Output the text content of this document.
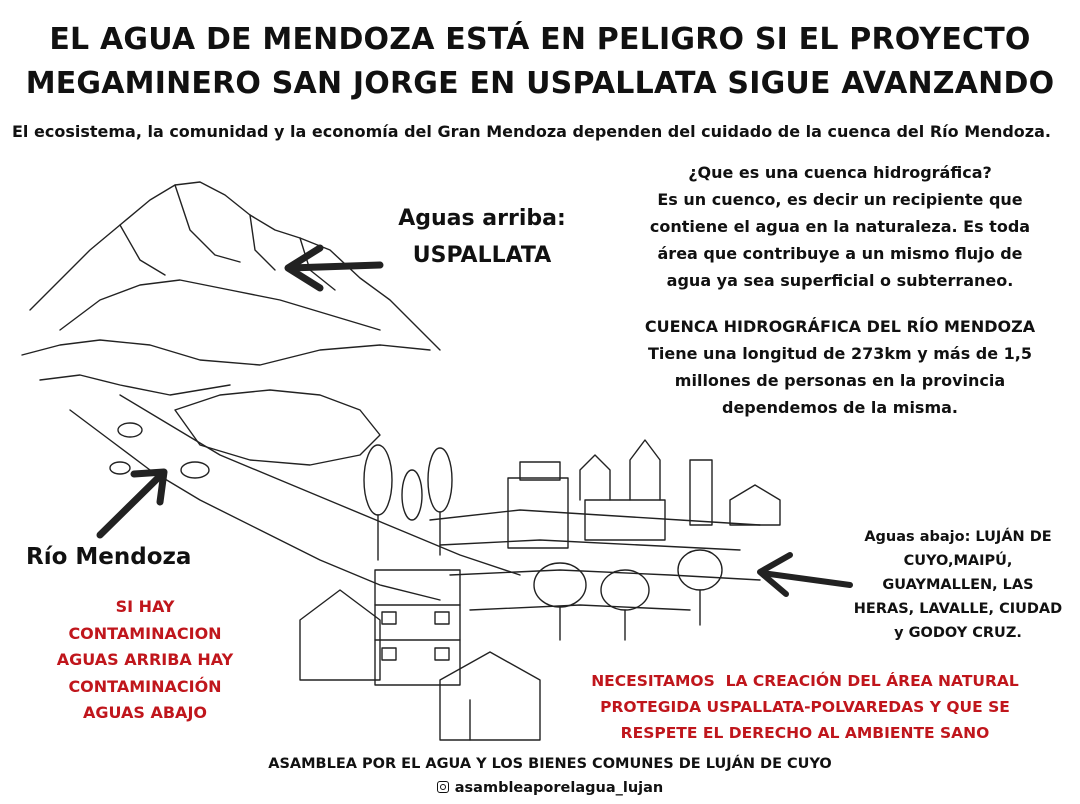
EL AGUA DE MENDOZA ESTÁ EN PELIGRO SI EL PROYECTO
MEGAMINERO SAN JORGE EN USPALLATA SIGUE AVANZANDO
El ecosistema, la comunidad y la economía del Gran Mendoza dependen del cuidado de la cuenca del Río Mendoza.
¿Que es una cuenca hidrográfica?
Es un cuenco, es decir un recipiente que
contiene el agua en la naturaleza. Es toda
área que contribuye a un mismo flujo de
agua ya sea superficial o subterraneo.
CUENCA HIDROGRÁFICA DEL RÍO MENDOZA
Tiene una longitud de 273km y más de 1,5
millones de personas en la provincia
dependemos de la misma.
Aguas arriba:
USPALLATA
Río Mendoza
SI HAY
CONTAMINACION
AGUAS ARRIBA HAY
CONTAMINACIÓN
AGUAS ABAJO
Aguas abajo: LUJÁN DE
CUYO,MAIPÚ,
GUAYMALLEN, LAS
HERAS, LAVALLE, CIUDAD
y GODOY CRUZ.
NECESITAMOS  LA CREACIÓN DEL ÁREA NATURAL
PROTEGIDA USPALLATA-POLVAREDAS Y QUE SE
RESPETE EL DERECHO AL AMBIENTE SANO
ASAMBLEA POR EL AGUA Y LOS BIENES COMUNES DE LUJÁN DE CUYO
asambleaporelagua_lujan
